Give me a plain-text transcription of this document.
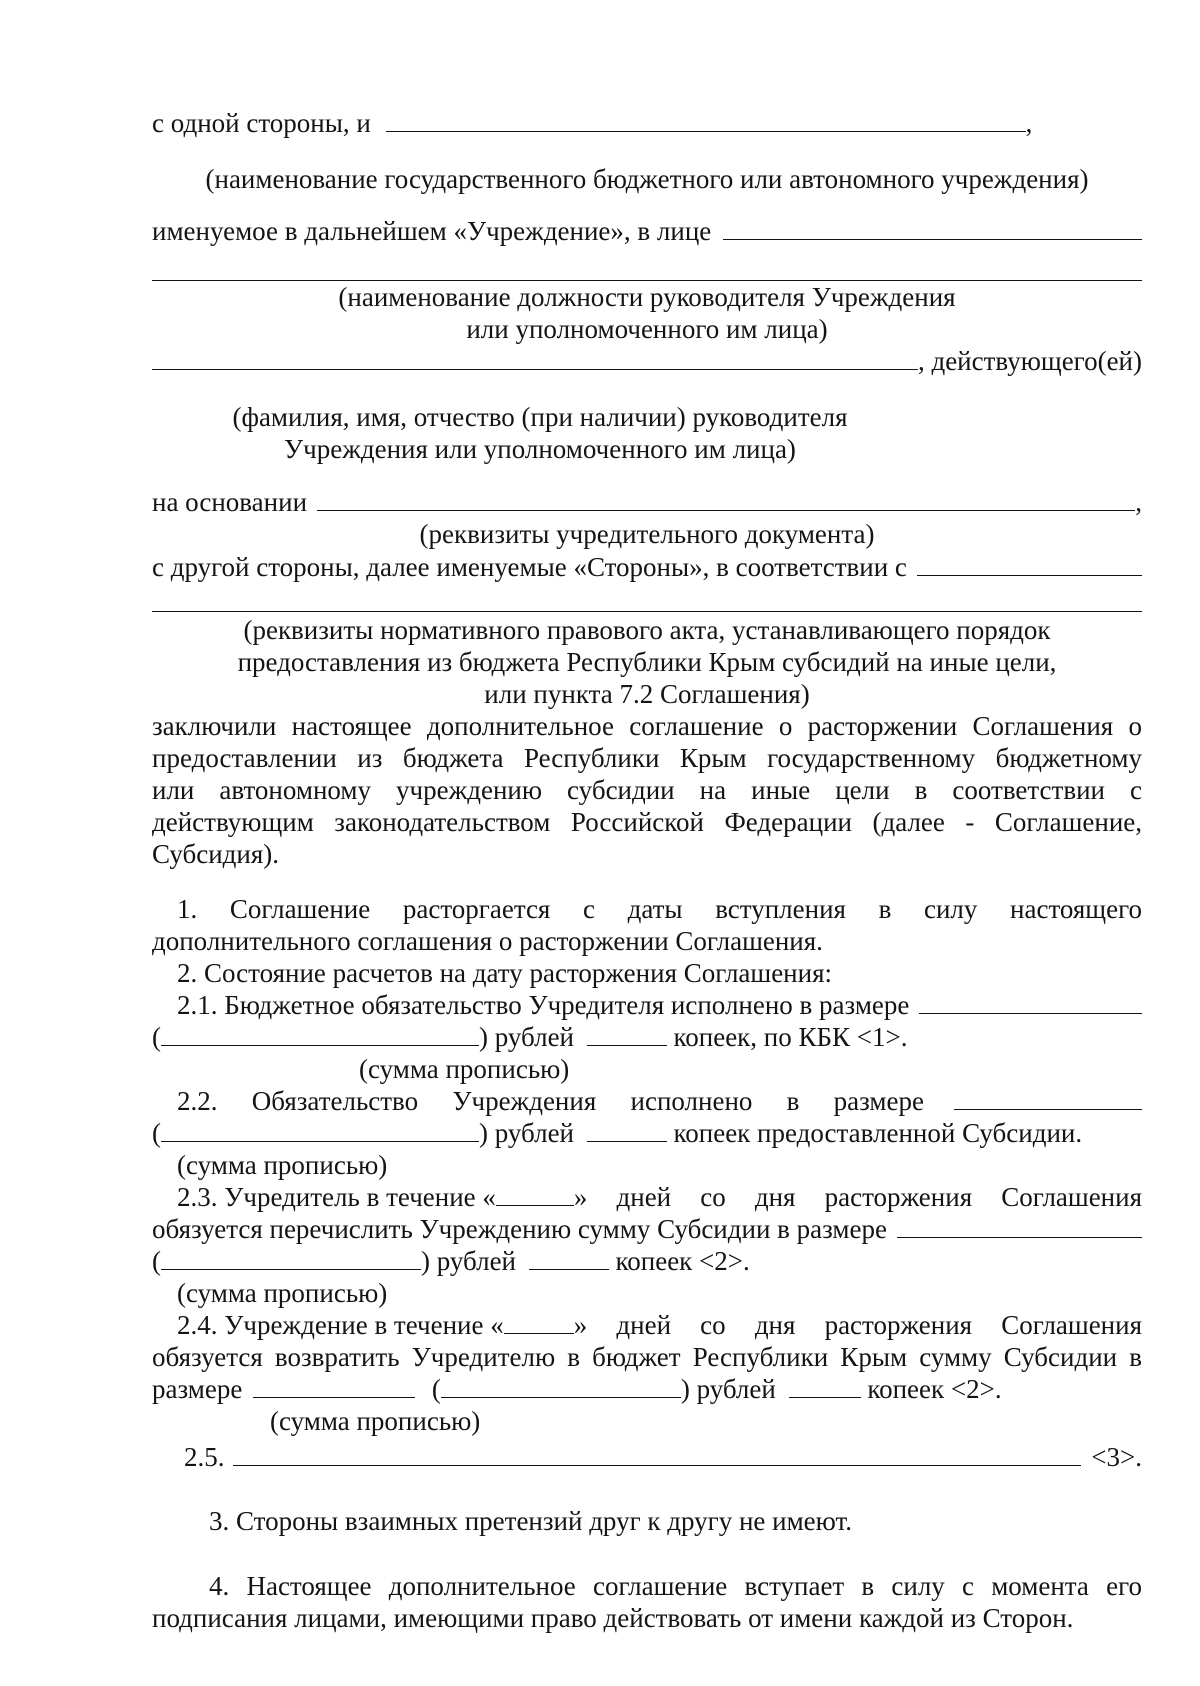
с одной стороны, и	,
(наименование государственного бюджетного или автономного учреждения)
именуемое в дальнейшем «Учреждение», в лице
(наименование должности руководителя Учреждения
или уполномоченного им лица)
, действующего(ей)
(фамилия, имя, отчество (при наличии) руководителя
Учреждения или уполномоченного им лица)
на основании	,
(реквизиты учредительного документа)
с другой стороны, далее именуемые «Стороны», в соответствии с
(реквизиты нормативного правового акта, устанавливающего порядок
предоставления из бюджета Республики Крым субсидий на иные цели,
или пункта 7.2 Соглашения)
заключили настоящее дополнительное соглашение о расторжении Соглашения о
предоставлении из бюджета Республики Крым государственному бюджетному
или автономному учреждению субсидии на иные цели в соответствии с
действующим законодательством Российской Федерации (далее - Соглашение,
Субсидия).
1. Соглашение расторгается с даты вступления в силу настоящего
дополнительного соглашения о расторжении Соглашения.
2. Состояние расчетов на дату расторжения Соглашения:
2.1. Бюджетное обязательство Учредителя исполнено в размере
(	) рублей	копеек, по КБК <1>.
(сумма прописью)
2.2. Обязательство Учреждения исполнено в размере
(	) рублей	копеек предоставленной Субсидии.
(сумма прописью)
2.3. Учредитель в течение «	» дней со дня расторжения Соглашения
обязуется перечислить Учреждению сумму Субсидии в размере
(	) рублей	копеек <2>.
(сумма прописью)
2.4. Учреждение в течение «	» дней со дня расторжения Соглашения
обязуется возвратить Учредителю в бюджет Республики Крым сумму Субсидии в
размере	(	) рублей	копеек <2>.
(сумма прописью)
2.5.	<3>.
3. Стороны взаимных претензий друг к другу не имеют.
4. Настоящее дополнительное соглашение вступает в силу с момента его
подписания лицами, имеющими право действовать от имени каждой из Сторон.
